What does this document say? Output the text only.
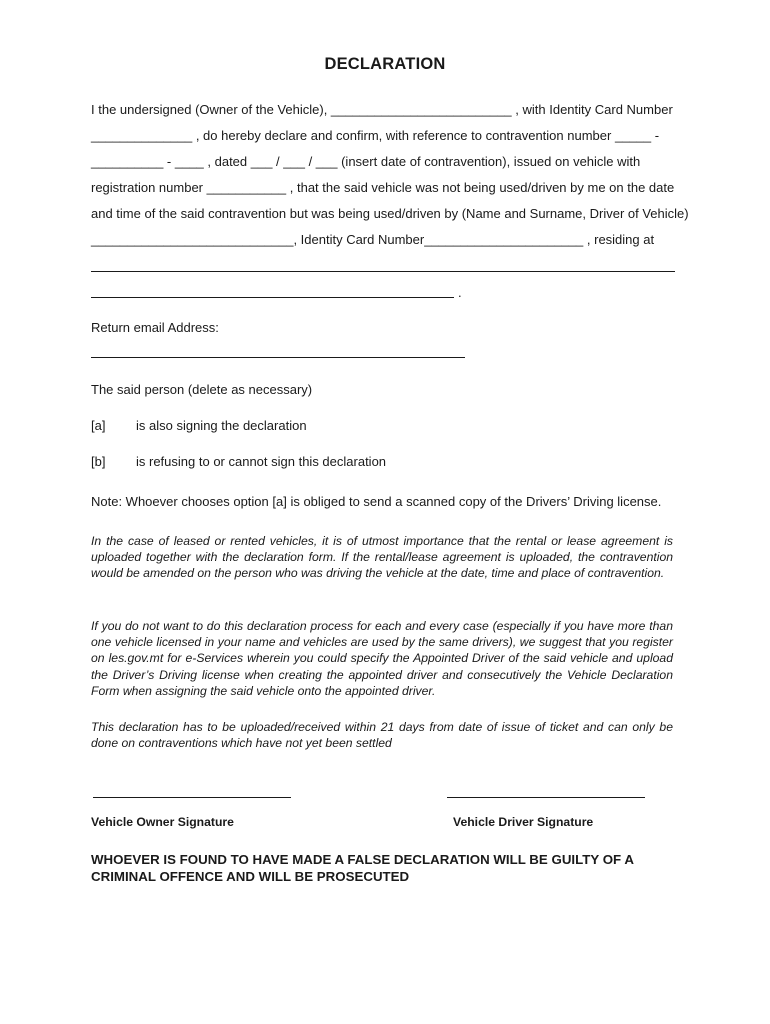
DECLARATION
I the undersigned (Owner of the Vehicle), _________________________ , with Identity Card Number
______________ , do hereby declare and confirm, with reference to contravention number _____ -
__________ - ____ , dated ___ / ___ / ___ (insert date of contravention), issued on vehicle with
registration number ___________ , that the said vehicle was not being used/driven by me on the date
and time of the said contravention but was being used/driven by (Name and Surname, Driver of Vehicle)
____________________________, Identity Card Number______________________ , residing at
.
Return email Address:
The said person (delete as necessary)
[a] is also signing the declaration
[b] is refusing to or cannot sign this declaration
Note: Whoever chooses option [a] is obliged to send a scanned copy of the Drivers’ Driving license.
In the case of leased or rented vehicles, it is of utmost importance that the rental or lease agreement is uploaded together with the declaration form. If the rental/lease agreement is uploaded, the contravention would be amended on the person who was driving the vehicle at the date, time and place of contravention.
If you do not want to do this declaration process for each and every case (especially if you have more than one vehicle licensed in your name and vehicles are used by the same drivers), we suggest that you register on les.gov.mt for e-Services wherein you could specify the Appointed Driver of the said vehicle and upload the Driver’s Driving license when creating the appointed driver and consecutively the Vehicle Declaration Form when assigning the said vehicle onto the appointed driver.
This declaration has to be uploaded/received within 21 days from date of issue of ticket and can only be done on contraventions which have not yet been settled
Vehicle Owner Signature	Vehicle Driver Signature
WHOEVER IS FOUND TO HAVE MADE A FALSE DECLARATION WILL BE GUILTY OF A CRIMINAL OFFENCE AND WILL BE PROSECUTED
